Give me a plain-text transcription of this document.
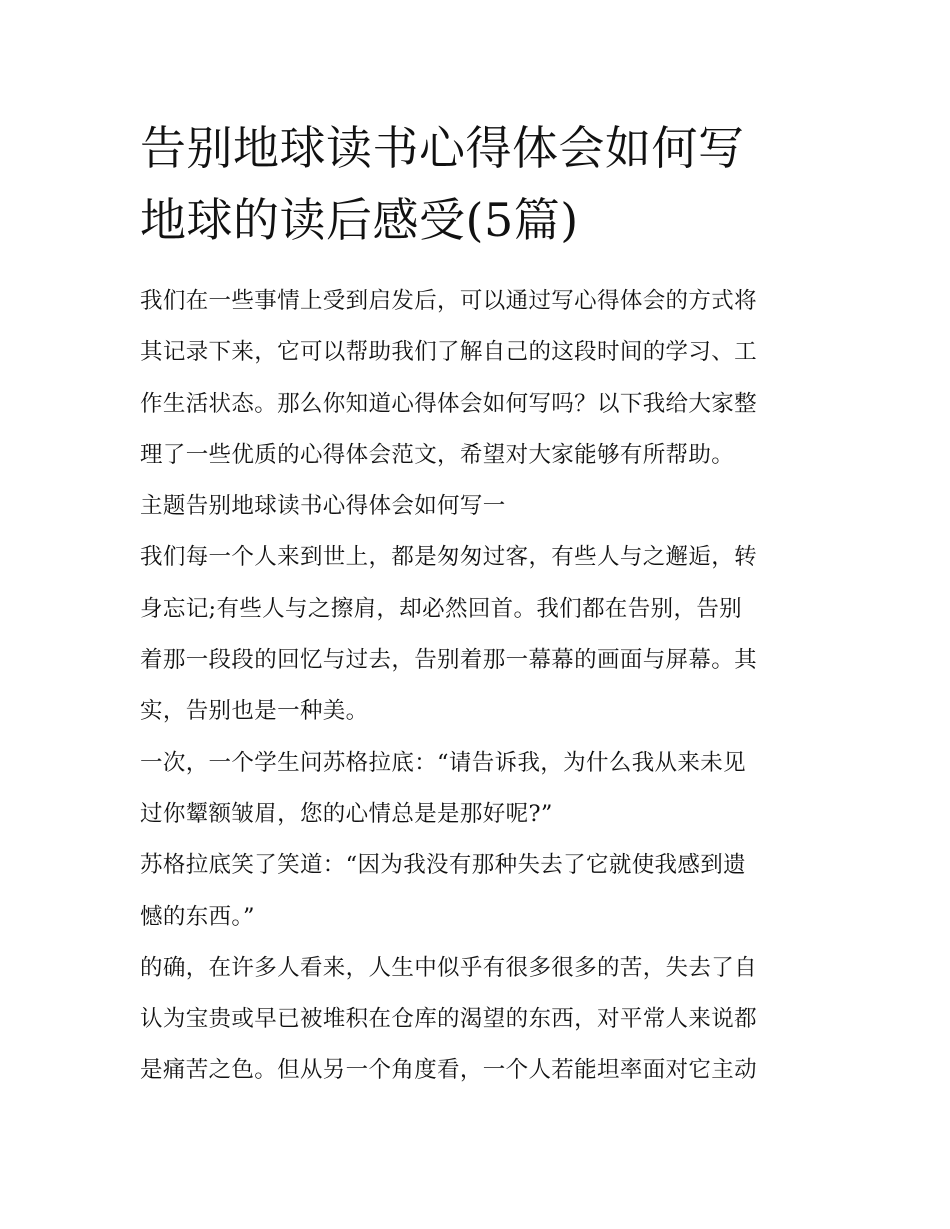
告别地球读书心得体会如何写
地球的读后感受(5篇)
我们在一些事情上受到启发后，可以通过写心得体会的方式将
其记录下来，它可以帮助我们了解自己的这段时间的学习、工
作生活状态。那么你知道心得体会如何写吗？以下我给大家整
理了一些优质的心得体会范文，希望对大家能够有所帮助。
主题告别地球读书心得体会如何写一
我们每一个人来到世上，都是匆匆过客，有些人与之邂逅，转
身忘记;有些人与之擦肩，却必然回首。我们都在告别，告别
着那一段段的回忆与过去，告别着那一幕幕的画面与屏幕。其
实，告别也是一种美。
一次，一个学生问苏格拉底：“请告诉我，为什么我从来未见
过你颦额皱眉，您的心情总是是那好呢?”
苏格拉底笑了笑道：“因为我没有那种失去了它就使我感到遗
憾的东西。”
的确，在许多人看来，人生中似乎有很多很多的苦，失去了自
认为宝贵或早已被堆积在仓库的渴望的东西，对平常人来说都
是痛苦之色。但从另一个角度看，一个人若能坦率面对它主动
